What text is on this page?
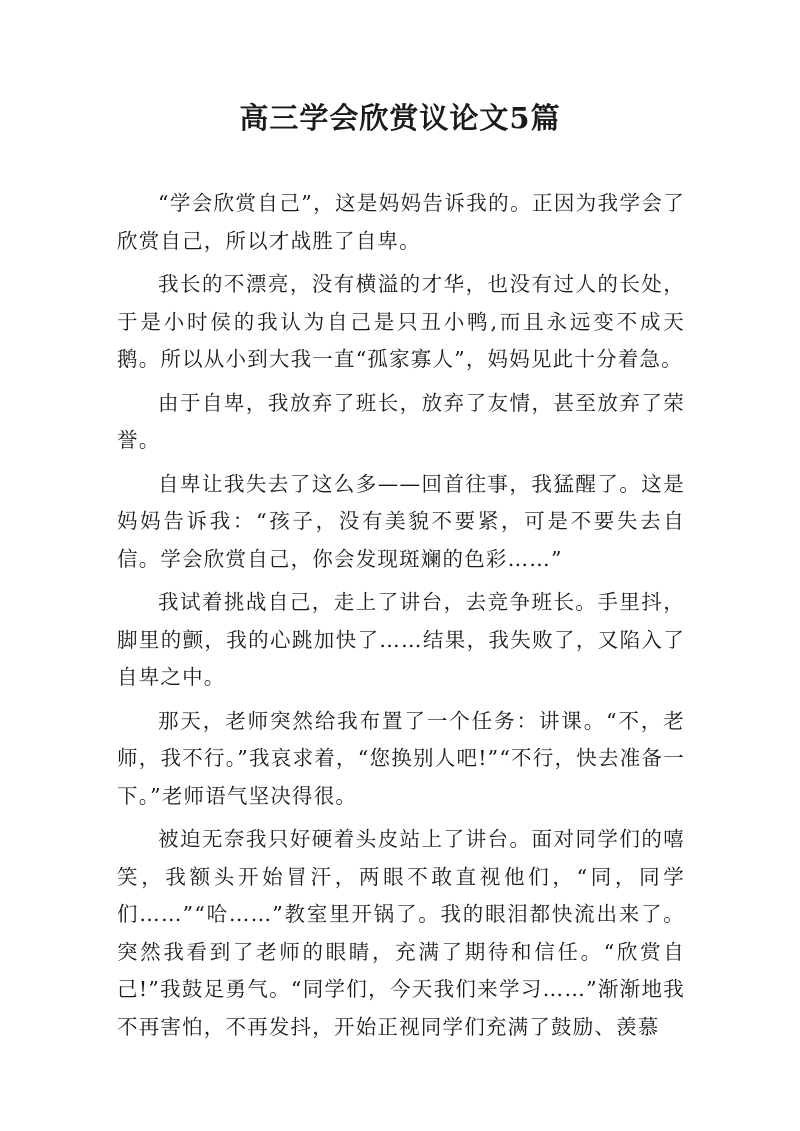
高三学会欣赏议论文5篇

“学会欣赏自己”，这是妈妈告诉我的。正因为我学会了欣赏自己，所以才战胜了自卑。

我长的不漂亮，没有横溢的才华，也没有过人的长处，于是小时侯的我认为自己是只丑小鸭,而且永远变不成天鹅。所以从小到大我一直“孤家寡人”，妈妈见此十分着急。

由于自卑，我放弃了班长，放弃了友情，甚至放弃了荣誉。

自卑让我失去了这么多——回首往事，我猛醒了。这是妈妈告诉我：“孩子，没有美貌不要紧，可是不要失去自信。学会欣赏自己，你会发现斑斓的色彩……”

我试着挑战自己，走上了讲台，去竞争班长。手里抖，脚里的颤，我的心跳加快了……结果，我失败了，又陷入了自卑之中。

那天，老师突然给我布置了一个任务：讲课。“不，老师，我不行。”我哀求着，“您换别人吧!”“不行，快去准备一下。”老师语气坚决得很。

被迫无奈我只好硬着头皮站上了讲台。面对同学们的嘻笑，我额头开始冒汗，两眼不敢直视他们，“同，同学们……”“哈……”教室里开锅了。我的眼泪都快流出来了。突然我看到了老师的眼睛，充满了期待和信任。“欣赏自己!”我鼓足勇气。“同学们，今天我们来学习……”渐渐地我不再害怕，不再发抖，开始正视同学们充满了鼓励、羡慕
